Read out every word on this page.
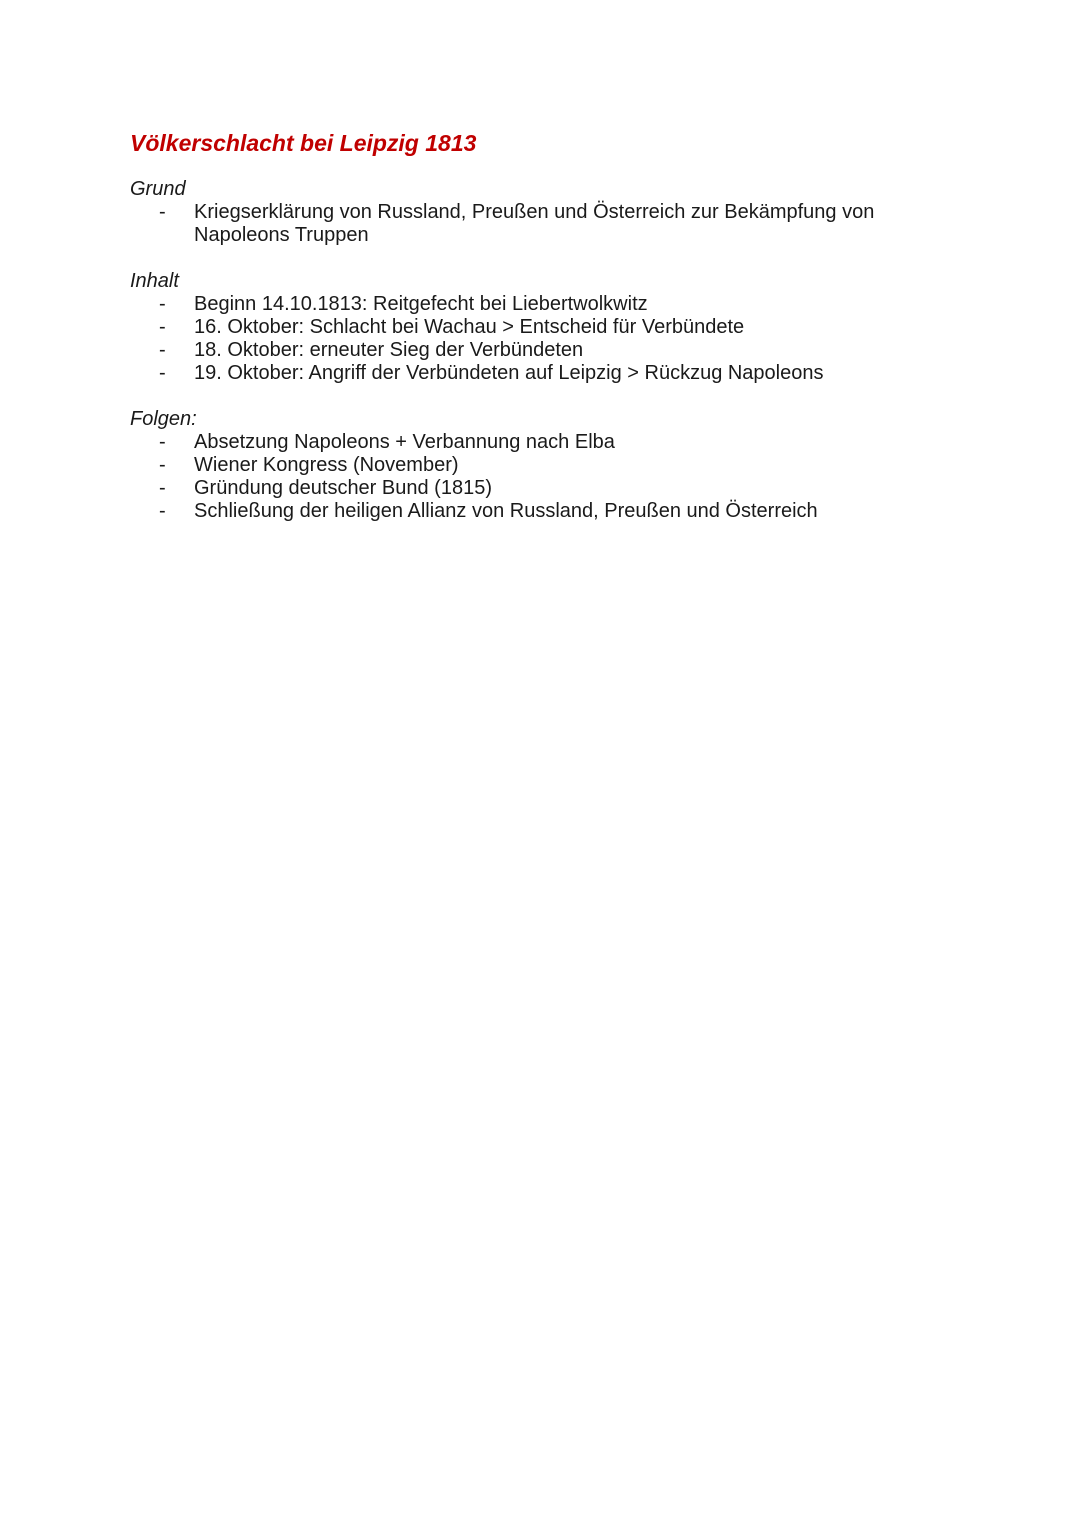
Völkerschlacht bei Leipzig 1813
Grund
- Kriegserklärung von Russland, Preußen und Österreich zur Bekämpfung von Napoleons Truppen
Inhalt
- Beginn 14.10.1813: Reitgefecht bei Liebertwolkwitz
- 16. Oktober: Schlacht bei Wachau > Entscheid für Verbündete
- 18. Oktober: erneuter Sieg der Verbündeten
- 19. Oktober: Angriff der Verbündeten auf Leipzig > Rückzug Napoleons
Folgen:
- Absetzung Napoleons + Verbannung nach Elba
- Wiener Kongress (November)
- Gründung deutscher Bund (1815)
- Schließung der heiligen Allianz von Russland, Preußen und Österreich
